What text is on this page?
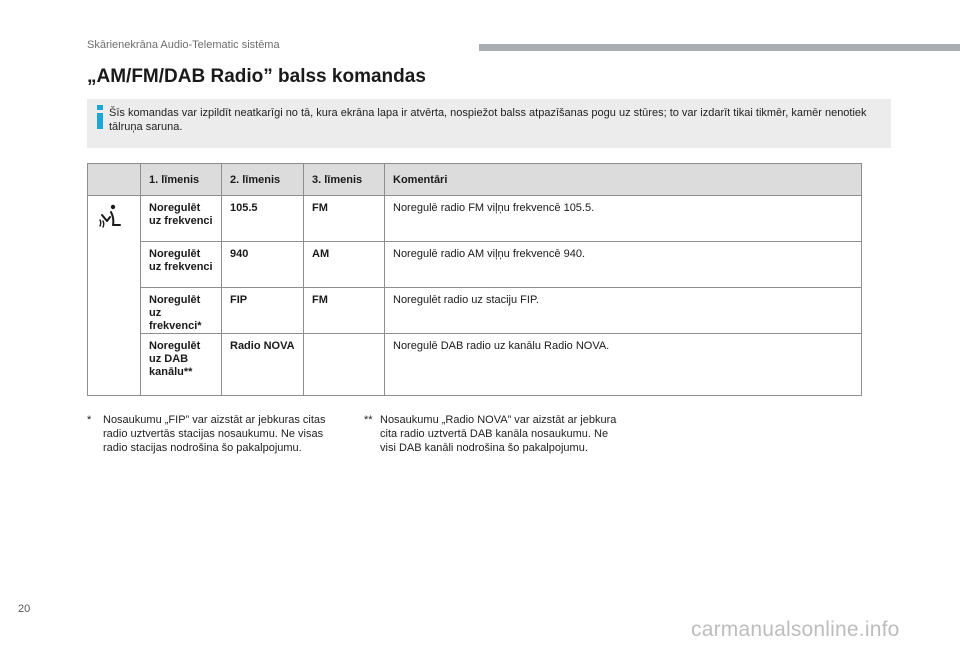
Skārienekrāna Audio-Telematic sistēma
„AM/FM/DAB Radio” balss komandas
Šīs komandas var izpildīt neatkarīgi no tā, kura ekrāna lapa ir atvērta, nospiežot balss atpazīšanas pogu uz stūres; to var izdarīt tikai tikmēr, kamēr nenotiek tālruņa saruna.
	1. līmenis	2. līmenis	3. līmenis	Komentāri
	Noregulēt uz frekvenci	105.5	FM	Noregulē radio FM viļņu frekvencē 105.5.
	Noregulēt uz frekvenci	940	AM	Noregulē radio AM viļņu frekvencē 940.
	Noregulēt uz frekvenci*	FIP	FM	Noregulēt radio uz staciju FIP.
	Noregulēt uz DAB kanālu**	Radio NOVA		Noregulē DAB radio uz kanālu Radio NOVA.
* Nosaukumu „FIP” var aizstāt ar jebkuras citas radio uztvertās stacijas nosaukumu. Ne visas radio stacijas nodrošina šo pakalpojumu.
** Nosaukumu „Radio NOVA” var aizstāt ar jebkura cita radio uztvertā DAB kanāla nosaukumu. Ne visi DAB kanāli nodrošina šo pakalpojumu.
20
carmanualsonline.info
